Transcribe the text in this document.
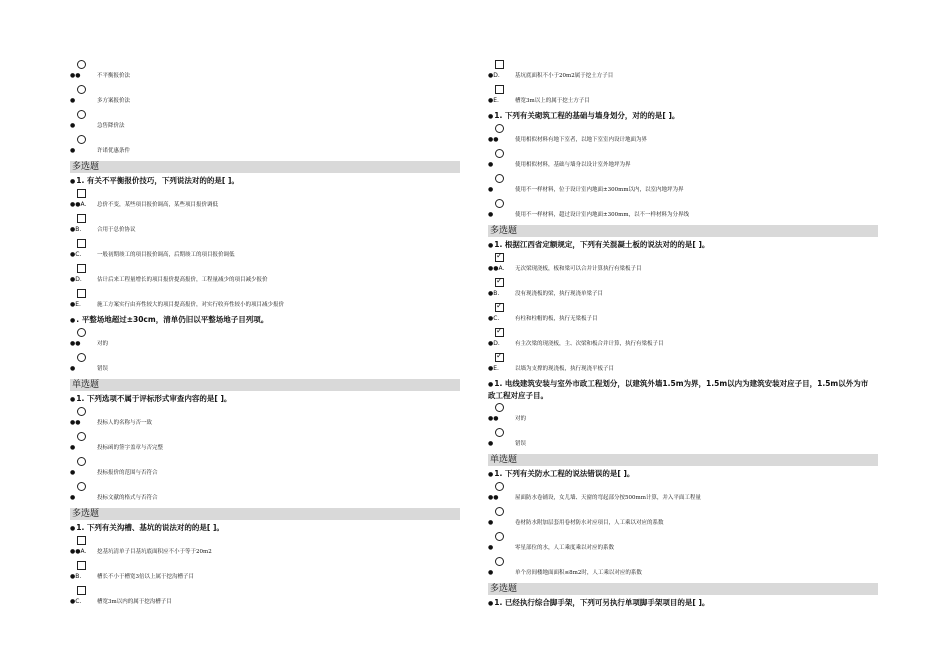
●●	不平衡报价法
●	多方案报价法
●	急售降价法
●	许诺优惠条件
多选题
●1. 有关不平衡报价技巧，下列说法对的的是[ ]。
●●A. 总价不变，某些项目报价调高，某些项目报价调低
●B.	合用于总价协议
●C.	一般初期竣工的项目报价调高，后期竣工的项目报价调低
●D.	估计后来工程量增长的项目报价提高报价，工程量减少的项目减少报价
●E.	施工方案实行由弃性较大的项目提高报价，对实行收弃性较小的项目减少报价
●. 平整场地超过±30cm，清单仍旧以平整场地子目列项。
●●	对的
●	错误
单选题
●1. 下列选项不属于评标形式审查内容的是[ ]。
●●	投标人的名称与否一致
●	投标函的签字盖章与否完整
●	投标报价的范围与否符合
●	投标文献的格式与否符合
多选题
●1. 下列有关沟槽、基坑的说法对的的是[ ]。
●●A. 挖基坑清单子目基坑底面积应不小于等于20m2
●B.	槽长不小于槽宽3倍以上属于挖沟槽子目
●C.	槽宽3m以内的属于挖沟槽子目
●D.	基坑底面积不小于20m2属于挖土方子目
●E.	槽宽3m以上的属于挖土方子目
●1. 下列有关砌筑工程的基础与墙身划分，对的的是[ ]。
●●	使用相似材料有地下室者，以地下室室内设计地面为界
●	使用相似材料，基础与墙身以设计室外地坪为界
●	使用不一样材料，位于设计室内地面±300mm以内，以室内地坪为界
●	使用不一样材料，超过设计室内地面±300mm，以不一样材料为分界线
多选题
●1. 根据江西省定额规定，下列有关混凝土板的说法对的的是[ ]。
✓
●●A. 无次梁现浇板，板和梁可以合并计算执行有梁板子目
✓
●B.	没有现浇板的梁，执行现浇单梁子目
✓
●C.	有柱和柱帽的板，执行无梁板子目
✓
●D.	有主次梁的现浇板，主、次梁和板合并计算，执行有梁板子目
✓
●E.	以墙为支撑的现浇板，执行现浇平板子目
●1. 电线建筑安装与室外市政工程划分，以建筑外墙1.5m为界，1.5m以内为建筑安装对应子目，1.5m以外为市
政工程对应子目。
●●	对的
●	错误
单选题
●1. 下列有关防水工程的说法错误的是[ ]。
●●	屋面防水卷铺设，女儿墙、天窗的弯起部分按500mm计算，并入平面工程量
●	卷材防水附加层套用卷材防水对应项目，人工乘以对应的系数
●	零星部位的水，人工乘度乘以对应的系数
●	单个房间楼地面面积≤8m2时，人工乘以对应的系数
多选题
●1. 已经执行综合脚手架，下列可另执行单项脚手架项目的是[ ]。
